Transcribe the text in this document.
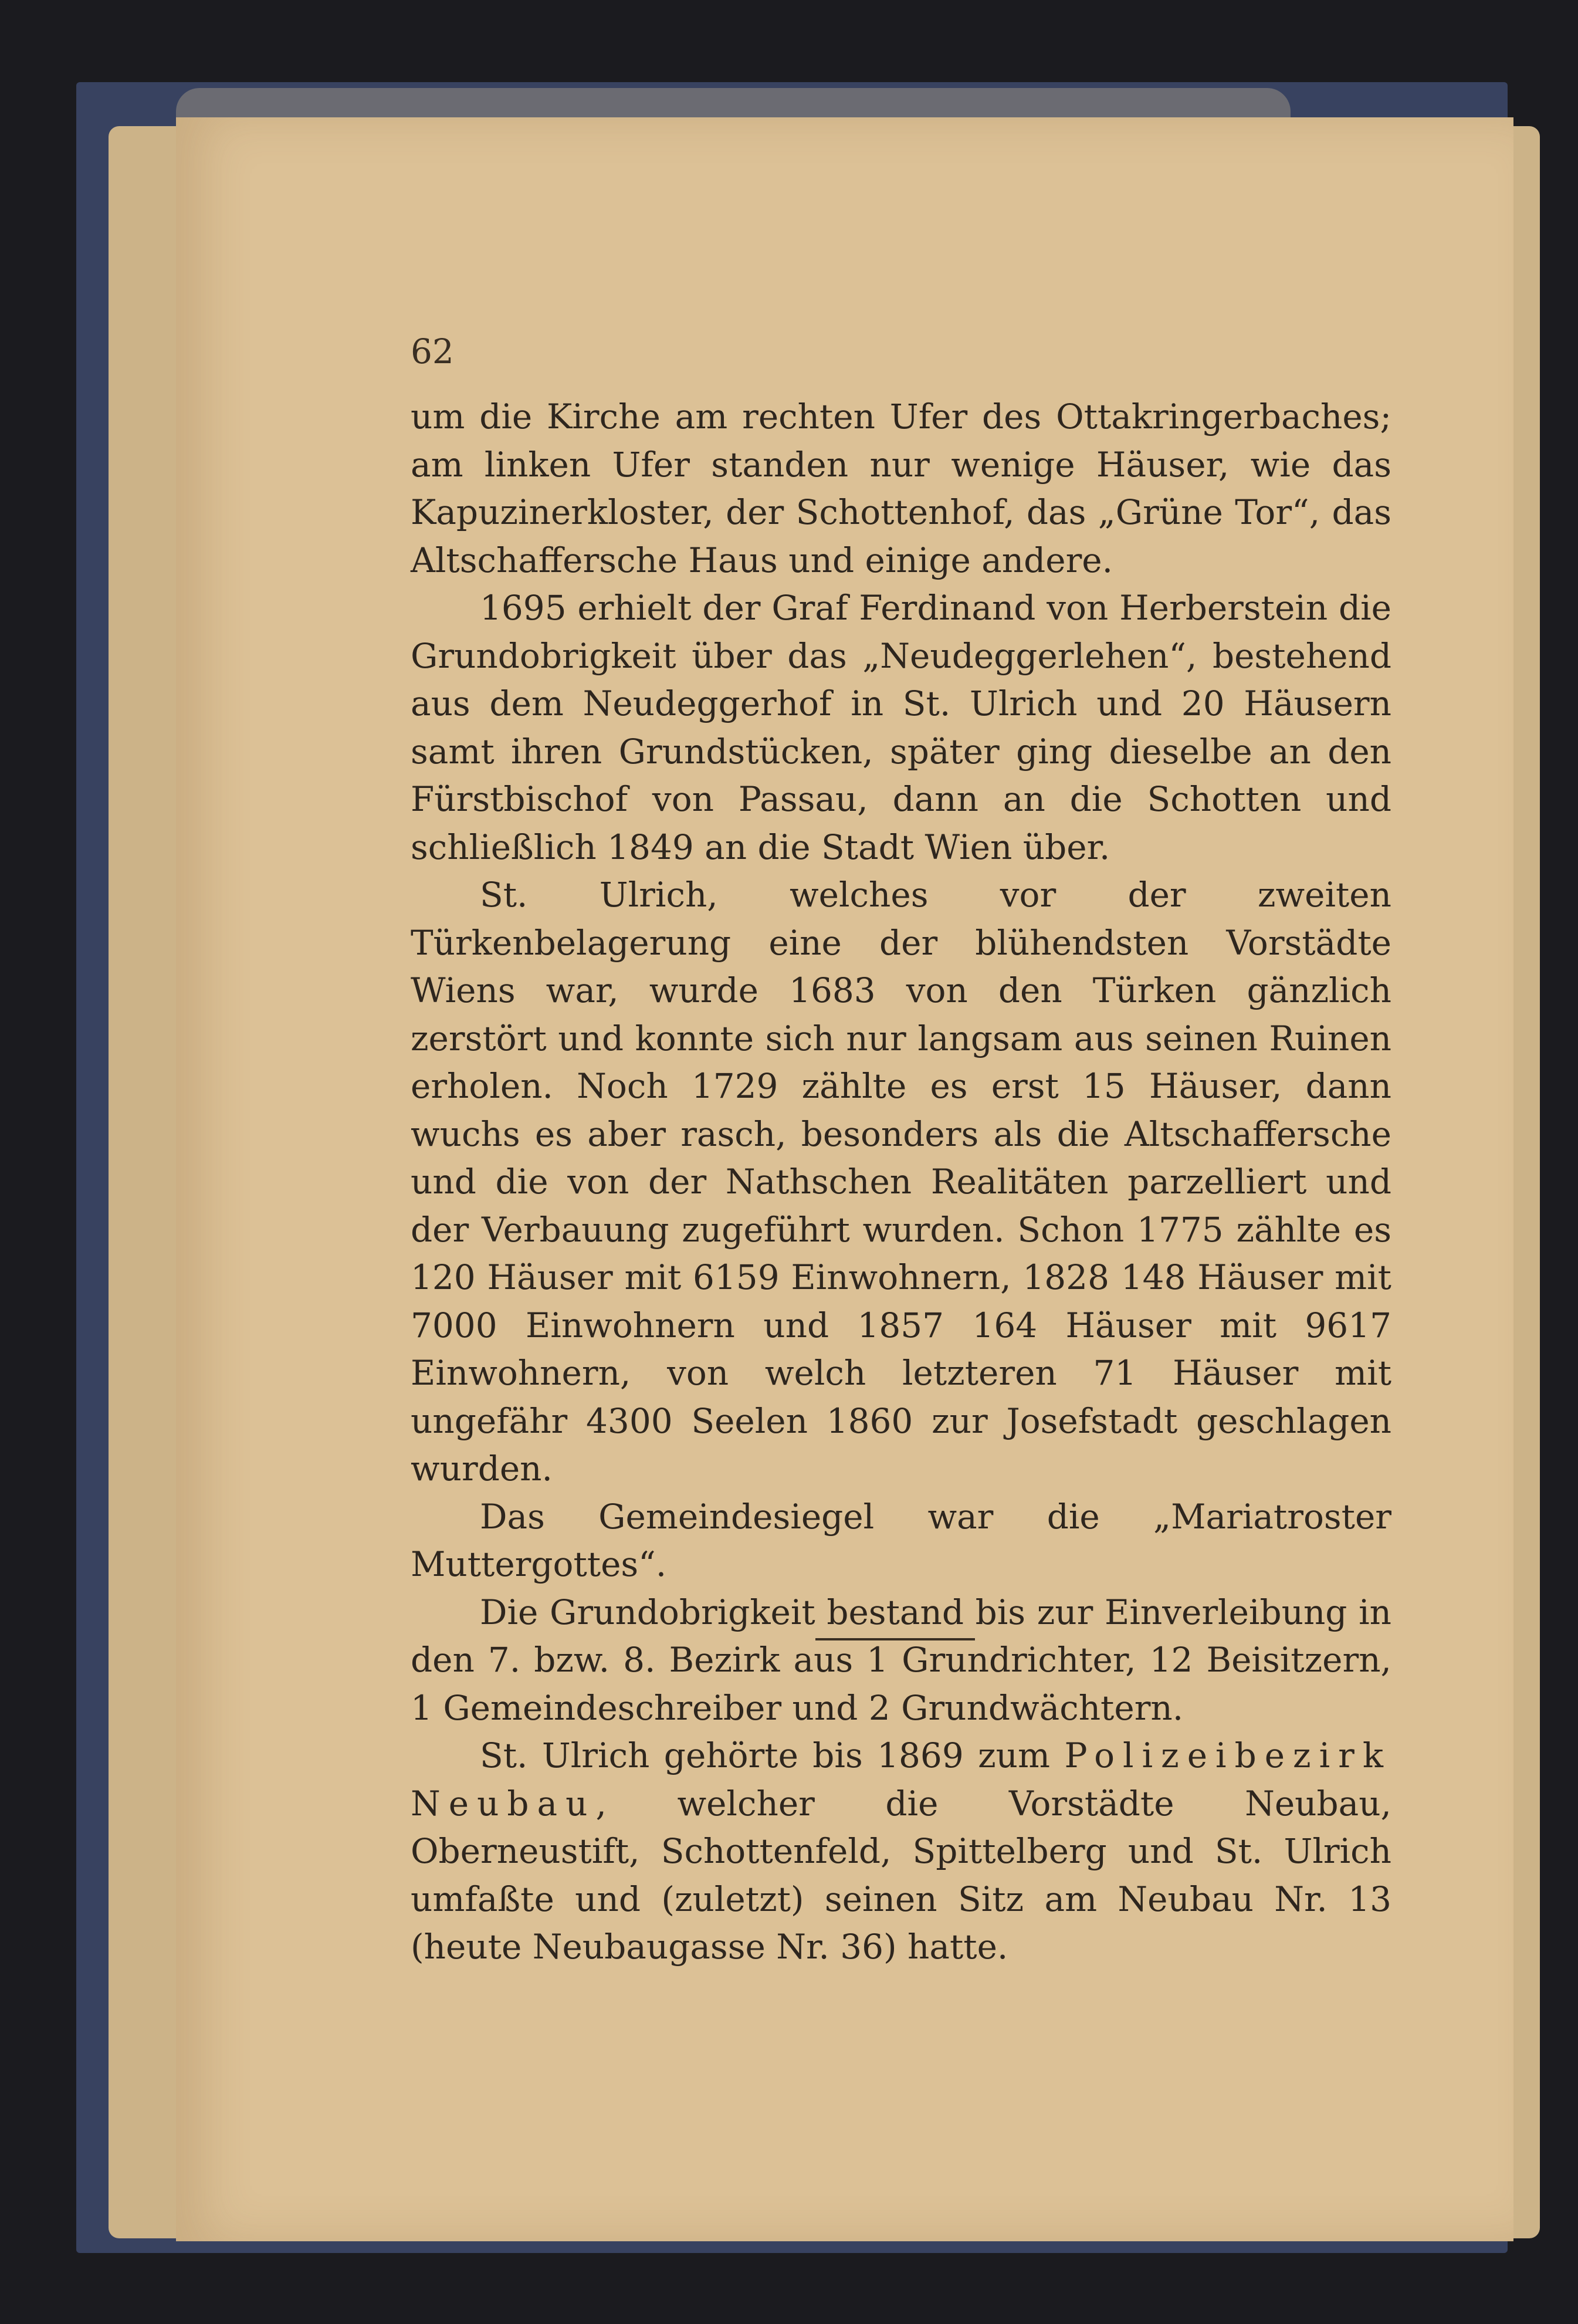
62

um die Kirche am rechten Ufer des Ottakringerbaches; am linken Ufer standen nur wenige Häuser, wie das Kapuzinerkloster, der Schottenhof, das „Grüne Tor“, das Altschaffersche Haus und einige andere.

1695 erhielt der Graf Ferdinand von Herberstein die Grundobrigkeit über das „Neudeggerlehen“, bestehend aus dem Neudeggerhof in St. Ulrich und 20 Häusern samt ihren Grundstücken, später ging dieselbe an den Fürstbischof von Passau, dann an die Schotten und schließlich 1849 an die Stadt Wien über.

St. Ulrich, welches vor der zweiten Türkenbelagerung eine der blühendsten Vorstädte Wiens war, wurde 1683 von den Türken gänzlich zerstört und konnte sich nur langsam aus seinen Ruinen erholen. Noch 1729 zählte es erst 15 Häuser, dann wuchs es aber rasch, besonders als die Altschaffersche und die von der Nathschen Realitäten parzelliert und der Verbauung zugeführt wurden. Schon 1775 zählte es 120 Häuser mit 6159 Einwohnern, 1828 148 Häuser mit 7000 Einwohnern und 1857 164 Häuser mit 9617 Einwohnern, von welch letzteren 71 Häuser mit ungefähr 4300 Seelen 1860 zur Josefstadt geschlagen wurden.

Das Gemeindesiegel war die „Mariatroster Muttergottes“.

Die Grundobrigkeit bestand bis zur Einverleibung in den 7. bzw. 8. Bezirk aus 1 Grundrichter, 12 Beisitzern, 1 Gemeindeschreiber und 2 Grundwächtern.

St. Ulrich gehörte bis 1869 zum Polizeibezirk Neubau, welcher die Vorstädte Neubau, Oberneustift, Schottenfeld, Spittelberg und St. Ulrich umfaßte und (zuletzt) seinen Sitz am Neubau Nr. 13 (heute Neubaugasse Nr. 36) hatte.
